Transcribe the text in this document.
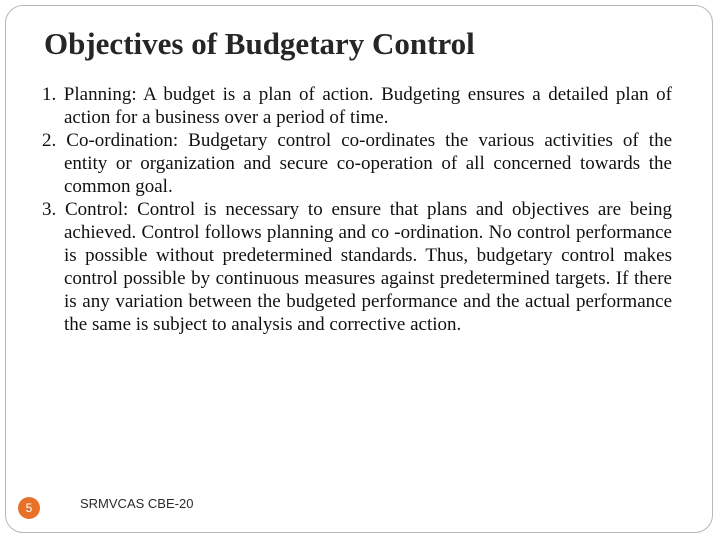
Objectives of Budgetary Control
1. Planning: A budget is a plan of action. Budgeting ensures a detailed plan of action for a business over a period of time.
2. Co-ordination: Budgetary control co-ordinates the various activities of the entity or organization and secure co-operation of all concerned towards the common goal.
3. Control: Control is necessary to ensure that plans and objectives are being achieved. Control follows planning and co -ordination. No control performance is possible without predetermined standards. Thus, budgetary control makes control possible by continuous measures against predetermined targets. If there is any variation between the budgeted performance and the actual performance the same is subject to analysis and corrective action.
5	SRMVCAS CBE-20
